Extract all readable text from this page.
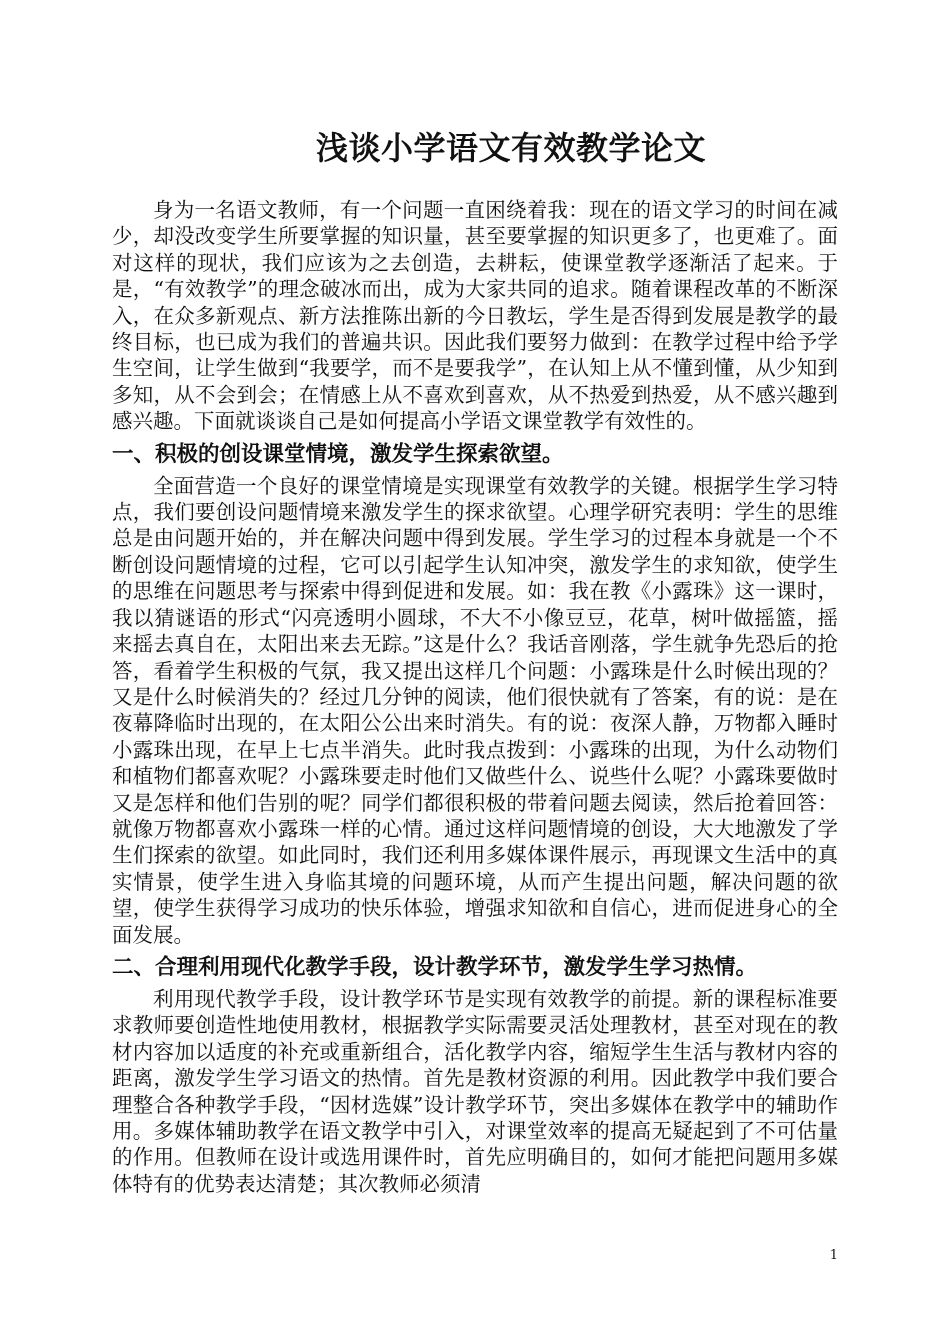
浅谈小学语文有效教学论文

身为一名语文教师，有一个问题一直困绕着我：现在的语文学习的时间在减少，却没改变学生所要掌握的知识量，甚至要掌握的知识更多了，也更难了。面对这样的现状，我们应该为之去创造，去耕耘，使课堂教学逐渐活了起来。于是，“有效教学”的理念破冰而出，成为大家共同的追求。随着课程改革的不断深入，在众多新观点、新方法推陈出新的今日教坛，学生是否得到发展是教学的最终目标，也已成为我们的普遍共识。因此我们要努力做到：在教学过程中给予学生空间，让学生做到“我要学，而不是要我学”，在认知上从不懂到懂，从少知到多知，从不会到会；在情感上从不喜欢到喜欢，从不热爱到热爱，从不感兴趣到感兴趣。下面就谈谈自己是如何提高小学语文课堂教学有效性的。

一、积极的创设课堂情境，激发学生探索欲望。

全面营造一个良好的课堂情境是实现课堂有效教学的关键。根据学生学习特点，我们要创设问题情境来激发学生的探求欲望。心理学研究表明：学生的思维总是由问题开始的，并在解决问题中得到发展。学生学习的过程本身就是一个不断创设问题情境的过程，它可以引起学生认知冲突，激发学生的求知欲，使学生的思维在问题思考与探索中得到促进和发展。如：我在教《小露珠》这一课时，我以猜谜语的形式“闪亮透明小圆球，不大不小像豆豆，花草，树叶做摇篮，摇来摇去真自在，太阳出来去无踪。”这是什么？我话音刚落，学生就争先恐后的抢答，看着学生积极的气氛，我又提出这样几个问题：小露珠是什么时候出现的？又是什么时候消失的？经过几分钟的阅读，他们很快就有了答案，有的说：是在夜幕降临时出现的，在太阳公公出来时消失。有的说：夜深人静，万物都入睡时小露珠出现，在早上七点半消失。此时我点拨到：小露珠的出现，为什么动物们和植物们都喜欢呢？小露珠要走时他们又做些什么、说些什么呢？小露珠要做时又是怎样和他们告别的呢？同学们都很积极的带着问题去阅读，然后抢着回答：就像万物都喜欢小露珠一样的心情。通过这样问题情境的创设，大大地激发了学生们探索的欲望。如此同时，我们还利用多媒体课件展示，再现课文生活中的真实情景，使学生进入身临其境的问题环境，从而产生提出问题，解决问题的欲望，使学生获得学习成功的快乐体验，增强求知欲和自信心，进而促进身心的全面发展。

二、合理利用现代化教学手段，设计教学环节，激发学生学习热情。

利用现代教学手段，设计教学环节是实现有效教学的前提。新的课程标准要求教师要创造性地使用教材，根据教学实际需要灵活处理教材，甚至对现在的教材内容加以适度的补充或重新组合，活化教学内容，缩短学生生活与教材内容的距离，激发学生学习语文的热情。首先是教材资源的利用。因此教学中我们要合理整合各种教学手段，“因材选媒”设计教学环节，突出多媒体在教学中的辅助作用。多媒体辅助教学在语文教学中引入，对课堂效率的提高无疑起到了不可估量的作用。但教师在设计或选用课件时，首先应明确目的，如何才能把问题用多媒体特有的优势表达清楚；其次教师必须清

1
